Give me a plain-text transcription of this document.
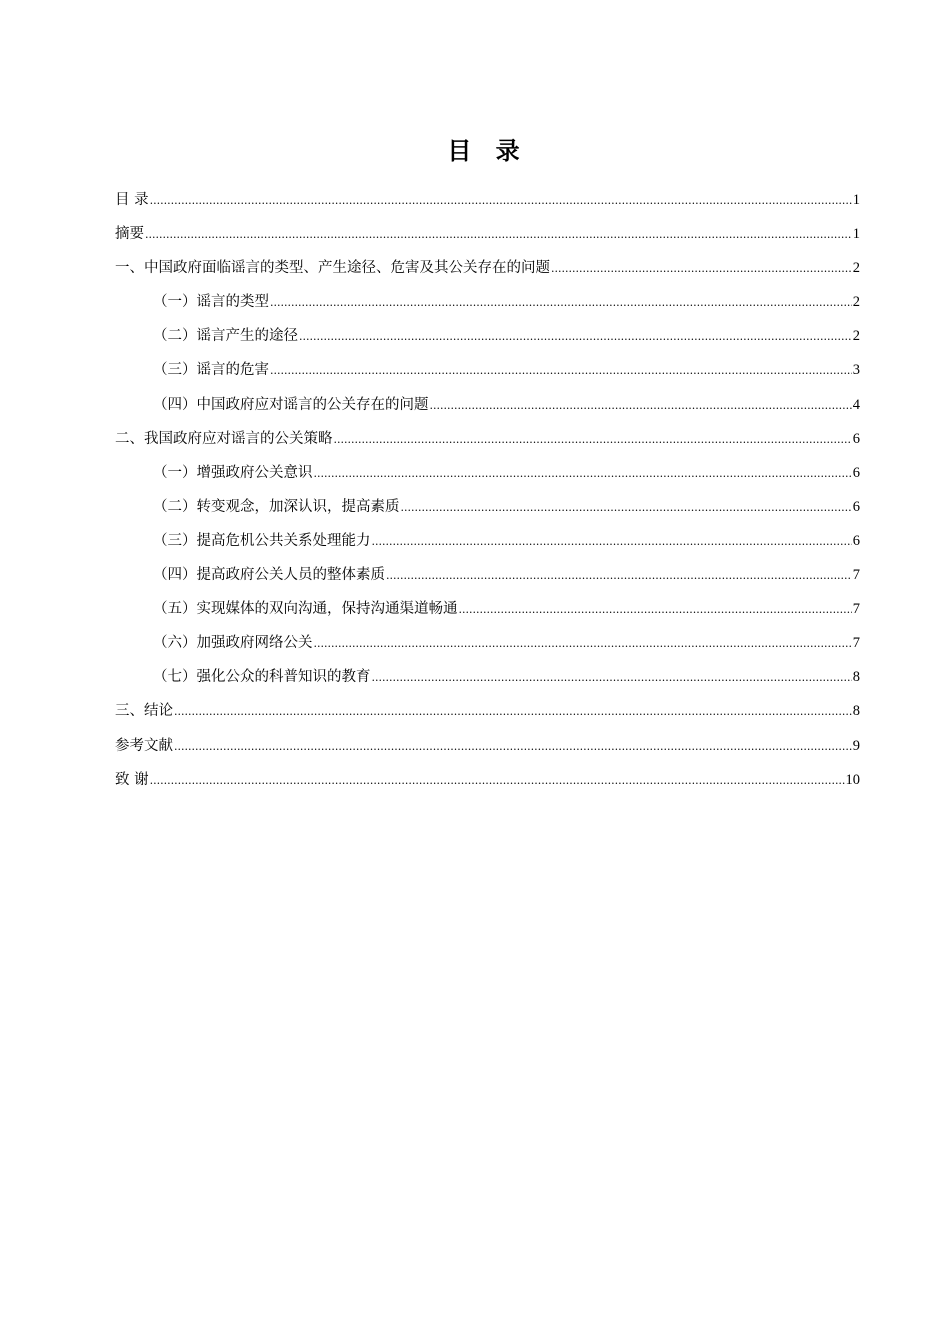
目 录
目 录 .....	1
摘要 .....	1
一、中国政府面临谣言的类型、产生途径、危害及其公关存在的问题 .....	2
（一）谣言的类型 .....	2
（二）谣言产生的途径 .....	2
（三）谣言的危害 .....	3
（四）中国政府应对谣言的公关存在的问题 .....	4
二、我国政府应对谣言的公关策略 .....	6
（一）增强政府公关意识 .....	6
（二）转变观念，加深认识，提高素质 .....	6
（三）提高危机公共关系处理能力 .....	6
（四）提高政府公关人员的整体素质 .....	7
（五）实现媒体的双向沟通，保持沟通渠道畅通 .....	7
（六）加强政府网络公关 .....	7
（七）强化公众的科普知识的教育 .....	8
三、结论 .....	8
参考文献 .....	9
致 谢 .....	10
